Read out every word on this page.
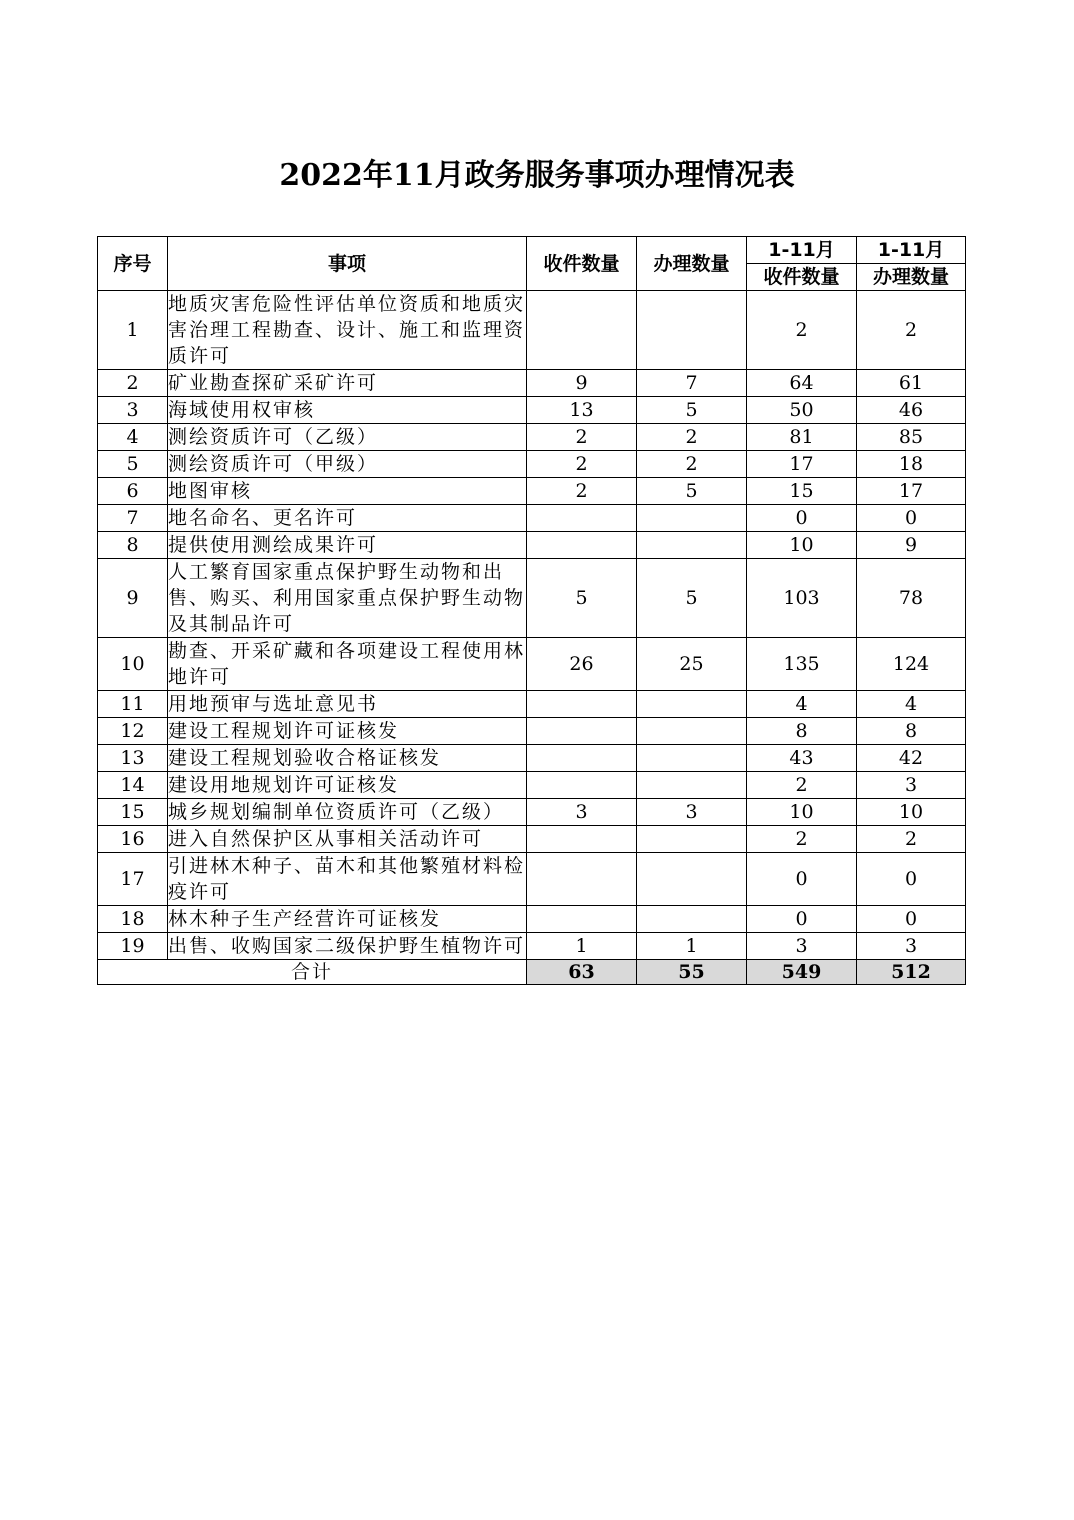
2022年11月政务服务事项办理情况表
序号	事项	收件数量	办理数量	1-11月	1-11月
				收件数量	办理数量
1	地质灾害危险性评估单位资质和地质灾害治理工程勘查、设计、施工和监理资质许可			2	2
2	矿业勘查探矿采矿许可	9	7	64	61
3	海域使用权审核	13	5	50	46
4	测绘资质许可（乙级）	2	2	81	85
5	测绘资质许可（甲级）	2	2	17	18
6	地图审核	2	5	15	17
7	地名命名、更名许可			0	0
8	提供使用测绘成果许可			10	9
9	人工繁育国家重点保护野生动物和出售、购买、利用国家重点保护野生动物及其制品许可	5	5	103	78
10	勘查、开采矿藏和各项建设工程使用林地许可	26	25	135	124
11	用地预审与选址意见书			4	4
12	建设工程规划许可证核发			8	8
13	建设工程规划验收合格证核发			43	42
14	建设用地规划许可证核发			2	3
15	城乡规划编制单位资质许可（乙级）	3	3	10	10
16	进入自然保护区从事相关活动许可			2	2
17	引进林木种子、苗木和其他繁殖材料检疫许可			0	0
18	林木种子生产经营许可证核发			0	0
19	出售、收购国家二级保护野生植物许可	1	1	3	3
合计		63	55	549	512
